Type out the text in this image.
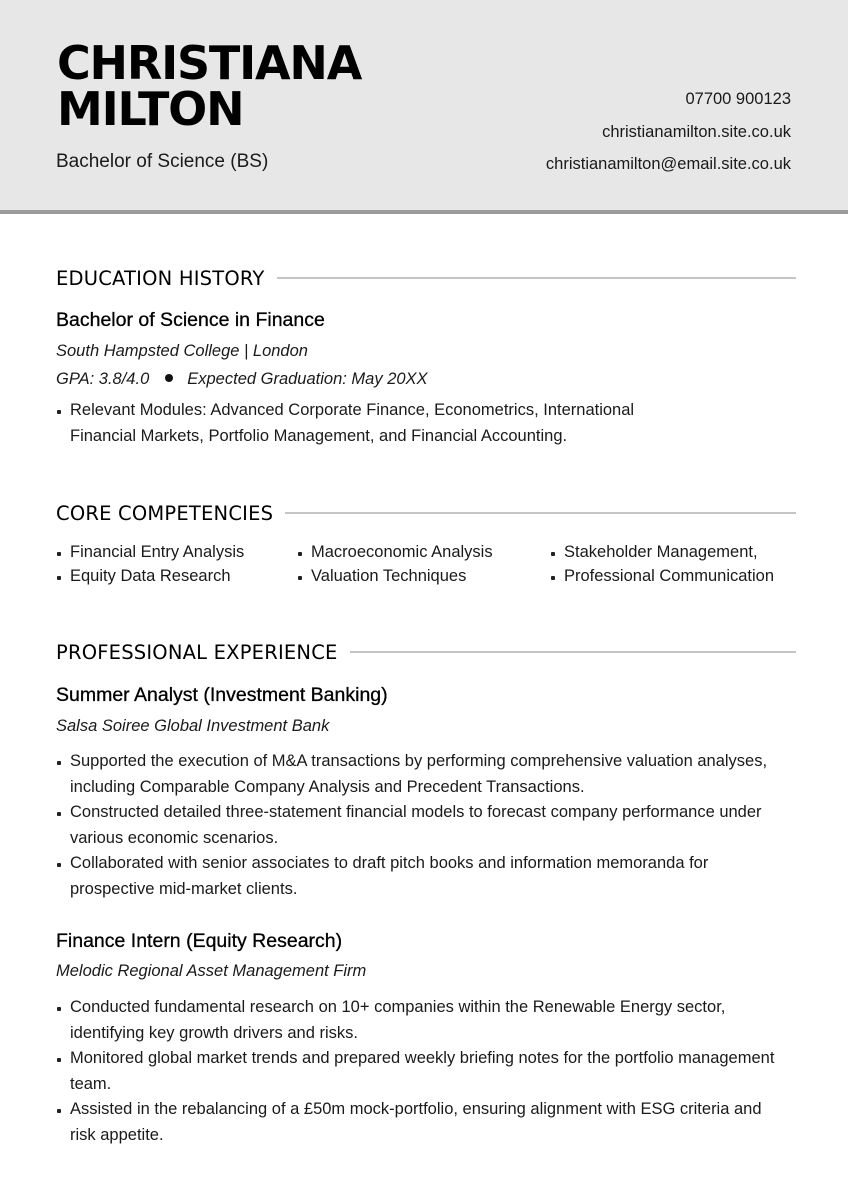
CHRISTIANA
MILTON
Bachelor of Science (BS)
07700 900123
christianamilton.site.co.uk
christianamilton@email.site.co.uk
EDUCATION HISTORY
Bachelor of Science in Finance
South Hampsted College | London
GPA: 3.8/4.0 Expected Graduation: May 20XX
Relevant Modules: Advanced Corporate Finance, Econometrics, International Financial Markets, Portfolio Management, and Financial Accounting.
CORE COMPETENCIES
Financial Entry Analysis	Macroeconomic Analysis	Stakeholder Management,
Equity Data Research	Valuation Techniques	Professional Communication
PROFESSIONAL EXPERIENCE
Summer Analyst (Investment Banking)
Salsa Soiree Global Investment Bank
Supported the execution of M&A transactions by performing comprehensive valuation analyses, including Comparable Company Analysis and Precedent Transactions.
Constructed detailed three-statement financial models to forecast company performance under various economic scenarios.
Collaborated with senior associates to draft pitch books and information memoranda for prospective mid-market clients.
Finance Intern (Equity Research)
Melodic Regional Asset Management Firm
Conducted fundamental research on 10+ companies within the Renewable Energy sector, identifying key growth drivers and risks.
Monitored global market trends and prepared weekly briefing notes for the portfolio management team.
Assisted in the rebalancing of a £50m mock-portfolio, ensuring alignment with ESG criteria and risk appetite.
